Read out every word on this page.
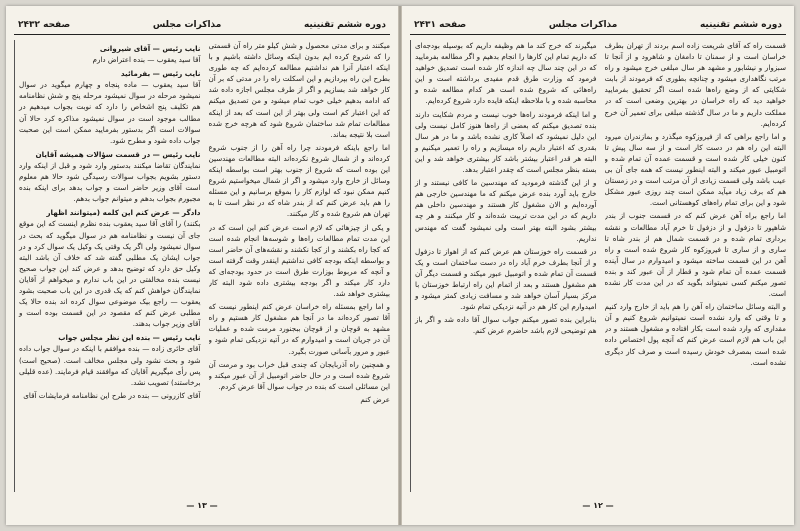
دوره ششم تقنینیه
مذاکرات مجلس
صفحه ۲۴۳۲

میکنند و برای مدتی محصول و شش کیلو متر راه آن قسمتی را که شروع کرده ایم بدون اینکه وسائل داشته باشیم و با اینکه اعتبار آنرا هم نداشتیم مطالعه کرده‌ایم که چه طوری بطرح این راه بپردازیم و این اسکلت راه را در مدتی که بر آن کار خواهد شد بسازیم و اگر از طرف مجلس اجازه داده شد که ادامه بدهیم خیلی خوب تمام میشود و من تصدیق میکنم که این اعتبار کم است ولی بهتر از این است که بعد از اینکه مطالعات تمام شد ساختمان شروع شود که هرچه خرج شده است بلا نتیجه بماند.

اما راجع باینکه فرمودند چرا راه آهن را از جنوب شروع کرده‌اند و از شمال شروع نکرده‌اند البته مطالعات مهندسین این بوده است که شروع از جنوب بهتر است بواسطه اینکه وسائل از خارج وارد میشود و اگر از شمال میخواستیم شروع کنیم ممکن نبود که لوازم کار را بموقع برسانیم و این مسئله را هم باید عرض کنم که از بندر شاه که در نظر است تا به تهران هم شروع شده و کار میکنند.

و یکی از چیزهائی که لازم است عرض کنم این است که در این مدت تمام مطالعات راه‌ها و شوسه‌ها انجام شده است که کجا راه بکشند و از کجا نکشند و نقشه‌های آن حاضر است و بواسطه اینکه بودجه کافی نداشتیم اینقدر وقت گرفته است و آنچه که مربوط بوزارت طرق است در حدود بودجه‌ای که دارد کار میکند و اگر بودجه بیشتری داده شود البته کار بیشتری خواهد شد.

و اما راجع بمسئله راه خراسان عرض کنم اینطور نیست که آقا تصور کرده‌اند ما در آنجا هم مشغول کار هستیم و راه مشهد به قوچان و از قوچان ببجنورد مرمت شده و عملیات آن در جریان است و امیدوارم که در آتیه نزدیکی تمام شود و عبور و مرور بآسانی صورت بگیرد.

و همچنین راه آذربایجان که چندی قبل خراب بود و مرمت آن شروع شده است و در حال حاضر اتومبیل از آن عبور میکند و این مسائلی است که بنده در جواب سوال آقا عرض کردم.

عرض کنم

نایب رئیس — آقای شیروانی
آقا سید یعقوب — بنده اعتراض دارم

نایب رئیس — بفرمائید
آقا سید یعقوب — ماده پنجاه و چهارم میگوید در سوال نمیشود مرحله در سوال نمیشود مرحله پنج و شش نظامنامه هم تکلیف پنج اشخاص را دارد که نوبت بجواب میدهیم در مطالب موجود است در سوال نمیشود مذاکره کرد حالا آن سوالات است اگر بدستور بفرمایید ممکن است این صحبت جواب داده شود و مطرح شود.

نایب رئیس — در قسمت سؤالات همیشه آقایان
نمایندگان تقاضا میکنند بدستور وارد شود و قبل از اینکه وارد دستور بشویم بجواب سوالات رسیدگی شود حالا هم معلوم است آقای وزیر حاضر است و جواب بدهد برای اینکه بنده مجبورم بجواب بدهم و میتوانم جواب بدهم.

دادگر — عرض کنم این کلمه (میتوانند اظهار
بکنند) را آقای آقا سید یعقوب بنده نظرم اینست که این موقع جای آن نیست و نظامنامه هم در سوال میگوید که بحث در سوال نمیشود ولی اگر یک وقتی یک وکیل یک سوال کرد و در جواب ایشان یک مطلبی گفته شد که خلاف آن باشد البته وکیل حق دارد که توضیح بدهد و عرض کند این جواب صحیح نیست بنده مخالفتی در این باب ندارم و میخواهم از آقایان نمایندگان خواهش کنم که یک قدری در این باب صحبت بشود یعقوب — راجع بیک موضوعی سوال کرده اند بنده حالا یک مطلبی عرض کنم که مقصود در این قسمت بوده است و آقای وزیر جواب بدهند.

نایب رئیس — بنده این نظر مجلس جواب
آقای حائری زاده — بنده موافقم با اینکه در سوال جواب داده شود و بحث نشود ولی مجلس مخالف است. (صحیح است) پس رأی میگیریم آقایان که موافقند قیام فرمایند. (عده قلیلی برخاستند) تصویب نشد.

آقای کازرونی — بنده در طرح این نظامنامه فرمایشات آقای

— ۱۳ —
دوره ششم تقنینیه
مذاکرات مجلس
صفحه ۲۴۳۱

قسمت راه که آقای شریعت زاده اسم بردند از تهران بطرف خراسان است و از سمنان تا دامغان و شاهرود و از آنجا تا سبزوار و نیشابور و مشهد هر سال مبلغی خرج میشود و راه مرتب نگاهداری میشود و چنانچه بطوری که فرمودند از بابت شکایتی که از وضع راه‌ها شده است اگر تحقیق بفرمایید خواهید دید که راه خراسان در بهترین وضعی است که در مملکت داریم و ما در سال گذشته مبلغی برای تعمیر آن خرج کرده‌ایم.

و اما راجع براهی که از فیروزکوه میگذرد و بمازندران میرود البته این راه هم در دست کار است و از سه سال پیش تا کنون خیلی کار شده است و قسمت عمده آن تمام شده و اتومبیل عبور میکند و البته اینطور نیست که همه جای آن بی عیب باشد ولی قسمت زیادی از آن مرتب است و در زمستان هم که برف زیاد میآید ممکن است چند روزی عبور مشکل شود و این برای تمام راه‌های کوهستانی است.

اما راجع براه آهن عرض کنم که در قسمت جنوب از بندر شاهپور تا دزفول و از دزفول تا خرم آباد مطالعات و نقشه برداری تمام شده و در قسمت شمال هم از بندر شاه تا ساری و از ساری تا فیروزکوه کار شروع شده است و راه آهن در این قسمت ساخته میشود و امیدوارم در سال آینده قسمت عمده آن تمام شود و قطار از آن عبور کند و بنده تصور میکنم کسی نمیتواند بگوید که در این مدت کار نشده است.

و البته وسائل ساختمان راه آهن را هم باید از خارج وارد کنیم و تا وقتی که وارد نشده است نمیتوانیم شروع کنیم و آن مقداری که وارد شده است بکار افتاده و مشغول هستند و در این باب هم لازم است عرض کنم که آنچه پول اختصاص داده شده است بمصرف خودش رسیده است و صرف کار دیگری نشده است.

میگیرند که خرج کند ما هم وظیفه داریم که بوسیله بودجه‌ای که داریم تمام این کارها را انجام بدهیم و اگر مطالعه بفرمایید که در این چند سال چه اندازه کار شده است تصدیق خواهید فرمود که وزارت طرق قدم مفیدی برداشته است و این راه‌هائی که شروع شده است هر کدام مطالعه شده و محاسبه شده و با ملاحظه اینکه فایده دارد شروع کرده‌ایم.

و اما اینکه فرمودند راه‌ها خوب نیست و مردم شکایت دارند بنده تصدیق میکنم که بعضی از راه‌ها هنوز کامل نیست ولی این دلیل نمیشود که اصلاً کاری نشده باشد و ما در هر سال بقدری که اعتبار داریم راه میسازیم و راه را تعمیر میکنیم و البته هر قدر اعتبار بیشتر باشد کار بیشتری خواهد شد و این بسته بنظر مجلس است که چقدر اعتبار بدهد.

و از این گذشته فرمودید که مهندسین ما کافی نیستند و از خارج باید آورد بنده عرض میکنم که ما مهندسین خارجی هم آورده‌ایم و الان مشغول کار هستند و مهندسین داخلی هم داریم که در این مدت تربیت شده‌اند و کار میکنند و هر چه بیشتر بشود البته بهتر است ولی نمیشود گفت که مهندس نداریم.

در قسمت راه خوزستان هم عرض کنم که از اهواز تا دزفول و از آنجا بطرف خرم آباد راه در دست ساختمان است و یک قسمت آن تمام شده و اتومبیل عبور میکند و قسمت دیگر آن هم مشغول هستند و بعد از اتمام این راه ارتباط خوزستان با مرکز بسیار آسان خواهد شد و مسافت زیادی کمتر میشود و امیدوارم این کار هم در آتیه نزدیکی تمام شود.

بنابراین بنده تصور میکنم جواب سوال آقا داده شد و اگر باز هم توضیحی لازم باشد حاضرم عرض کنم.

— ۱۲ —
